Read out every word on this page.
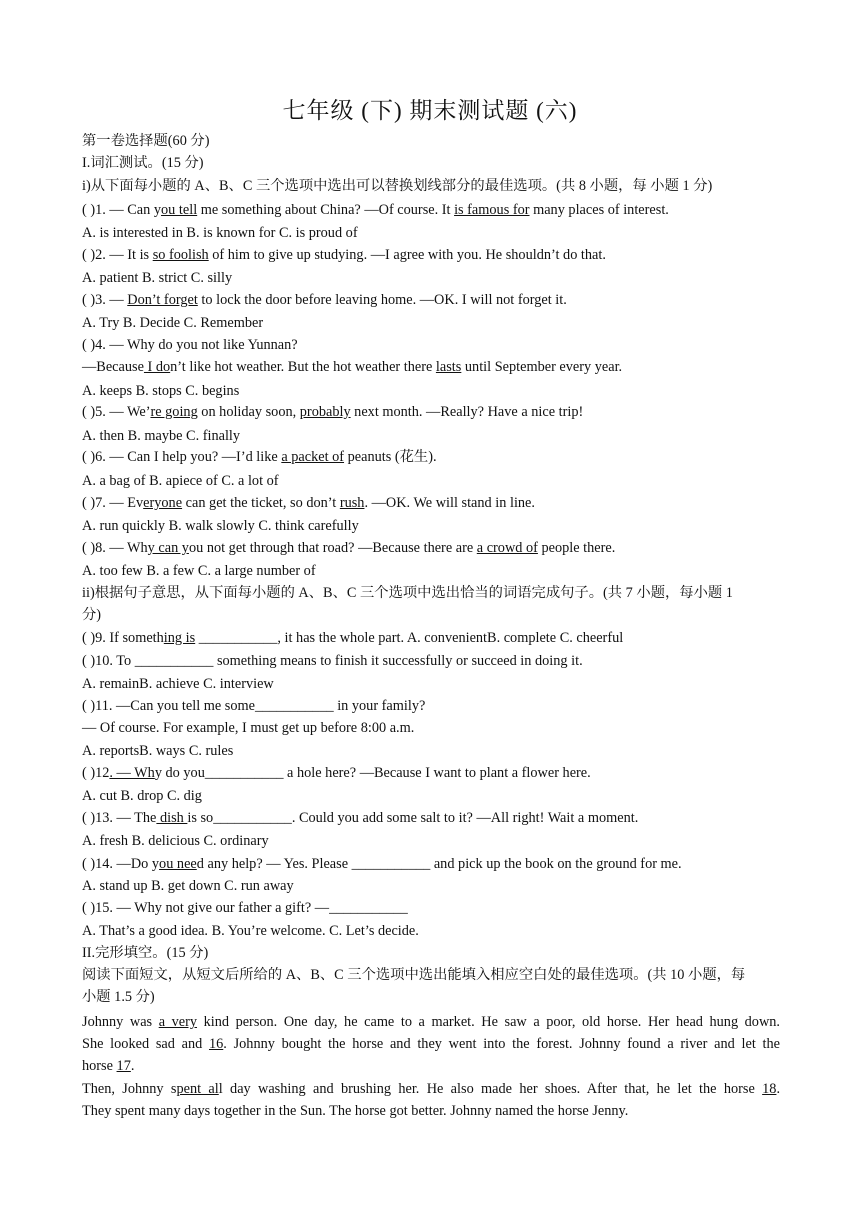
七年级 (下) 期末测试题 (六)
第一卷选择题(60 分)
I.词汇测试。(15 分)
i)从下面每小题的 A、B、C 三个选项中选出可以替换划线部分的最佳选项。(共 8 小题，每 小题 1 分)
( )1. — Can you tell me something about China? —Of course. It is famous for many places of interest.
A. is interested in B. is known for C. is proud of
( )2. — It is so foolish of him to give up studying. —I agree with you. He shouldn’t do that.
A. patient B. strict C. silly
( )3. — Don’t forget to lock the door before leaving home. —OK. I will not forget it.
A. Try B. Decide C. Remember
( )4. — Why do you not like Yunnan?
—Because I don’t like hot weather. But the hot weather there lasts until September every year.
A. keeps B. stops C. begins
( )5. — We’re going on holiday soon, probably next month. —Really? Have a nice trip!
A. then B. maybe C. finally
( )6. — Can I help you? —I’d like a packet of peanuts (花生).
A. a bag of B. apiece of C. a lot of
( )7. — Everyone can get the ticket, so don’t rush. —OK. We will stand in line.
A. run quickly B. walk slowly C. think carefully
( )8. — Why can you not get through that road? —Because there are a crowd of people there.
A. too few B. a few C. a large number of
ii)根据句子意思，从下面每小题的 A、B、C 三个选项中选出恰当的词语完成句子。(共 7 小题，每小题 1
分)
( )9. If something is ___________, it has the whole part. A. convenientB. complete C. cheerful
( )10. To ___________ something means to finish it successfully or succeed in doing it.
A. remainB. achieve C. interview
( )11. —Can you tell me some___________ in your family?
— Of course. For example, I must get up before 8:00 a.m.
A. reportsB. ways C. rules
( )12. — Why do you___________ a hole here? —Because I want to plant a flower here.
A. cut B. drop C. dig
( )13. — The dish is so___________. Could you add some salt to it? —All right! Wait a moment.
A. fresh B. delicious C. ordinary
( )14. —Do you need any help? — Yes. Please ___________ and pick up the book on the ground for me.
A. stand up B. get down C. run away
( )15. — Why not give our father a gift? —___________
A. That’s a good idea. B. You’re welcome. C. Let’s decide.
II.完形填空。(15 分)
阅读下面短文，从短文后所给的 A、B、C 三个选项中选出能填入相应空白处的最佳选项。(共 10 小题，每
小题 1.5 分)
Johnny was a very kind person. One day, he came to a market. He saw a poor, old horse. Her head hung down.
She looked sad and 16. Johnny bought the horse and they went into the forest. Johnny found a river and let the
horse 17.
Then, Johnny spent all day washing and brushing her. He also made her shoes. After that, he let the horse 18.
They spent many days together in the Sun. The horse got better. Johnny named the horse Jenny.
